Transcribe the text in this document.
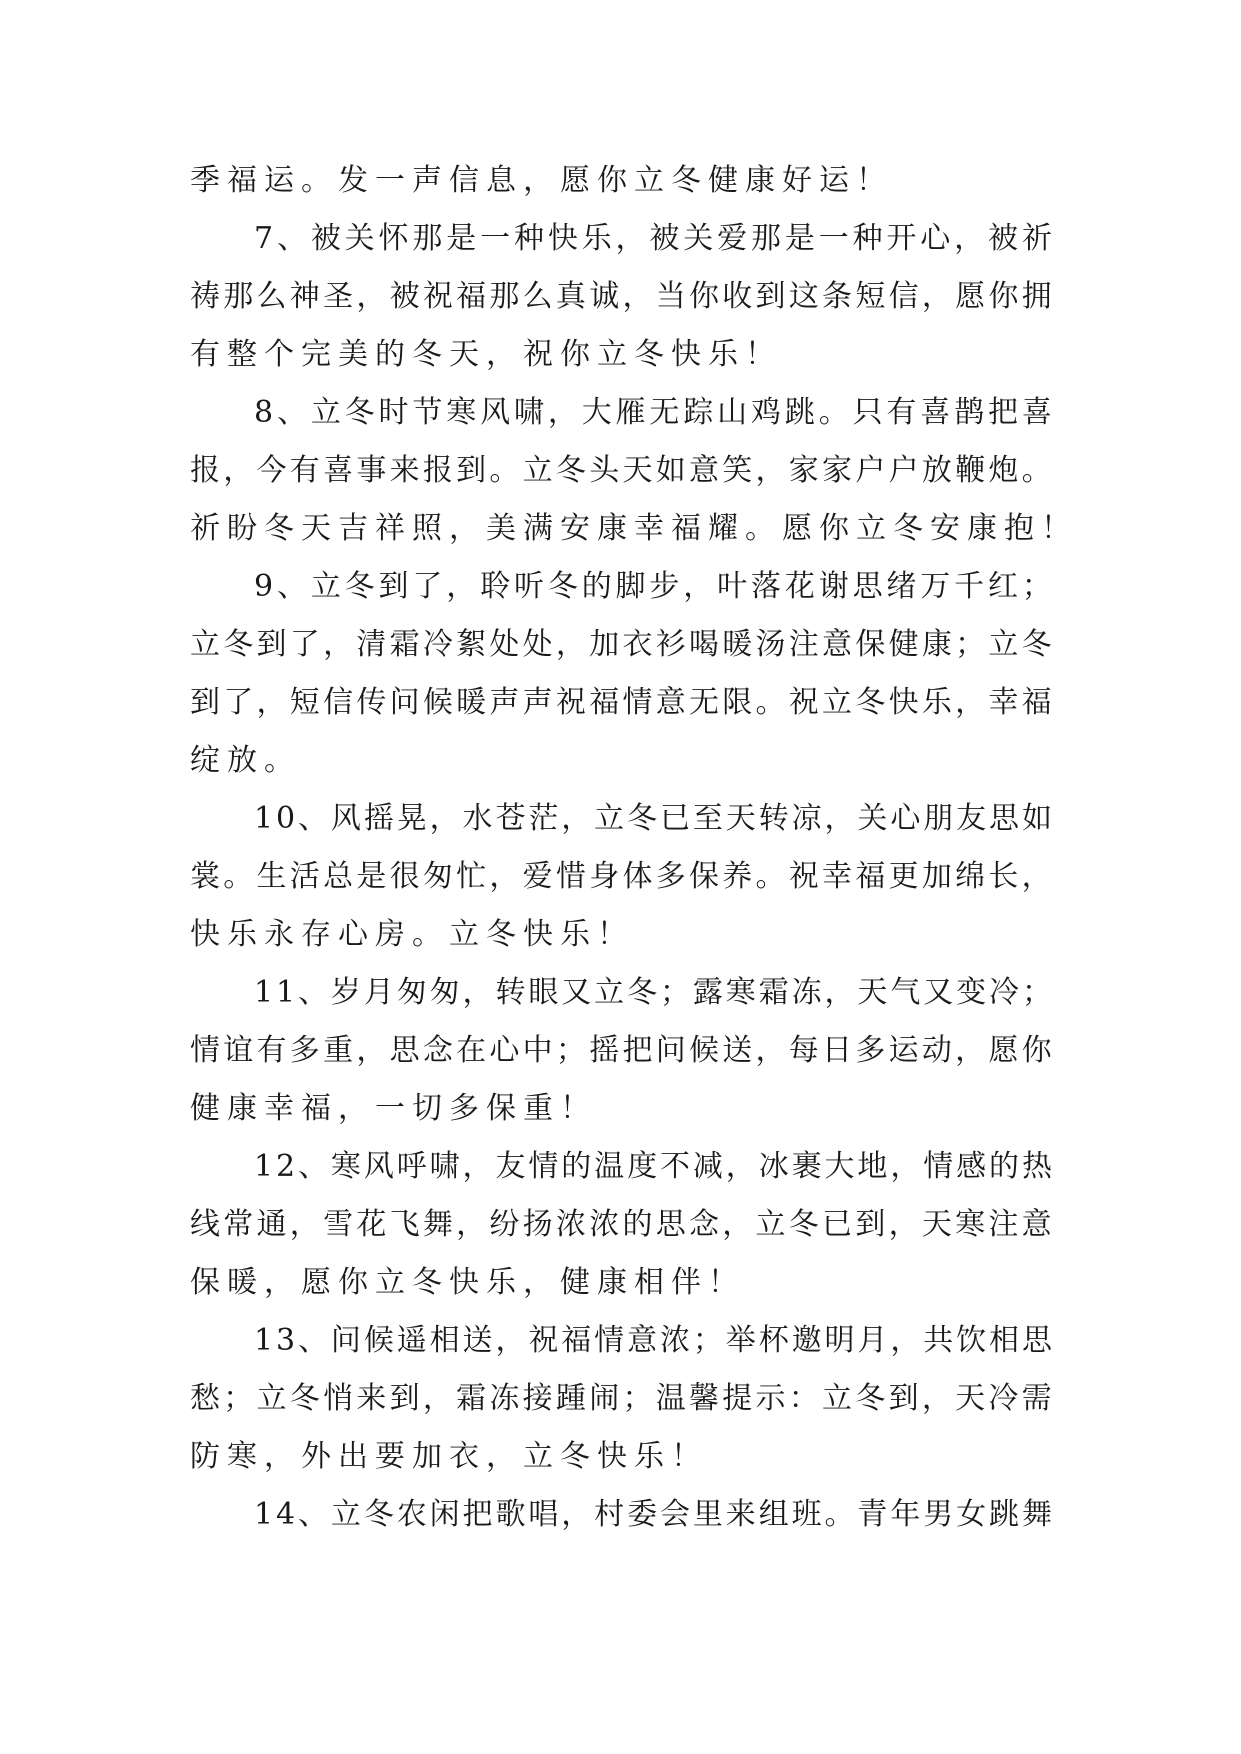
季 福 运 。 发 一 声 信 息 ， 愿 你 立 冬 健 康 好 运 ！
7 、 被 关 怀 那 是 一 种 快 乐 ， 被 关 爱 那 是 一 种 开 心 ， 被 祈
祷 那 么 神 圣 ， 被 祝 福 那 么 真 诚 ， 当 你 收 到 这 条 短 信 ， 愿 你 拥
有 整 个 完 美 的 冬 天 ， 祝 你 立 冬 快 乐 ！
8 、 立 冬 时 节 寒 风 啸 ， 大 雁 无 踪 山 鸡 跳 。 只 有 喜 鹊 把 喜
报 ， 今 有 喜 事 来 报 到 。 立 冬 头 天 如 意 笑 ， 家 家 户 户 放 鞭 炮 。
祈 盼 冬 天 吉 祥 照 ， 美 满 安 康 幸 福 耀 。 愿 你 立 冬 安 康 抱 ！
9 、 立 冬 到 了 ， 聆 听 冬 的 脚 步 ， 叶 落 花 谢 思 绪 万 千 红 ；
立 冬 到 了 ， 清 霜 冷 絮 处 处 ， 加 衣 衫 喝 暖 汤 注 意 保 健 康 ； 立 冬
到 了 ， 短 信 传 问 候 暖 声 声 祝 福 情 意 无 限 。 祝 立 冬 快 乐 ， 幸 福
绽 放 。
1 0 、 风 摇 晃 ， 水 苍 茫 ， 立 冬 已 至 天 转 凉 ， 关 心 朋 友 思 如
裳 。 生 活 总 是 很 匆 忙 ， 爱 惜 身 体 多 保 养 。 祝 幸 福 更 加 绵 长 ，
快 乐 永 存 心 房 。 立 冬 快 乐 ！
1 1 、 岁 月 匆 匆 ， 转 眼 又 立 冬 ； 露 寒 霜 冻 ， 天 气 又 变 冷 ；
情 谊 有 多 重 ， 思 念 在 心 中 ； 摇 把 问 候 送 ， 每 日 多 运 动 ， 愿 你
健 康 幸 福 ， 一 切 多 保 重 ！
1 2 、 寒 风 呼 啸 ， 友 情 的 温 度 不 减 ， 冰 裹 大 地 ， 情 感 的 热
线 常 通 ， 雪 花 飞 舞 ， 纷 扬 浓 浓 的 思 念 ， 立 冬 已 到 ， 天 寒 注 意
保 暖 ， 愿 你 立 冬 快 乐 ， 健 康 相 伴 ！
1 3 、 问 候 遥 相 送 ， 祝 福 情 意 浓 ； 举 杯 邀 明 月 ， 共 饮 相 思
愁 ； 立 冬 悄 来 到 ， 霜 冻 接 踵 闹 ； 温 馨 提 示 ： 立 冬 到 ， 天 冷 需
防 寒 ， 外 出 要 加 衣 ， 立 冬 快 乐 ！
1 4 、 立 冬 农 闲 把 歌 唱 ， 村 委 会 里 来 组 班 。 青 年 男 女 跳 舞
